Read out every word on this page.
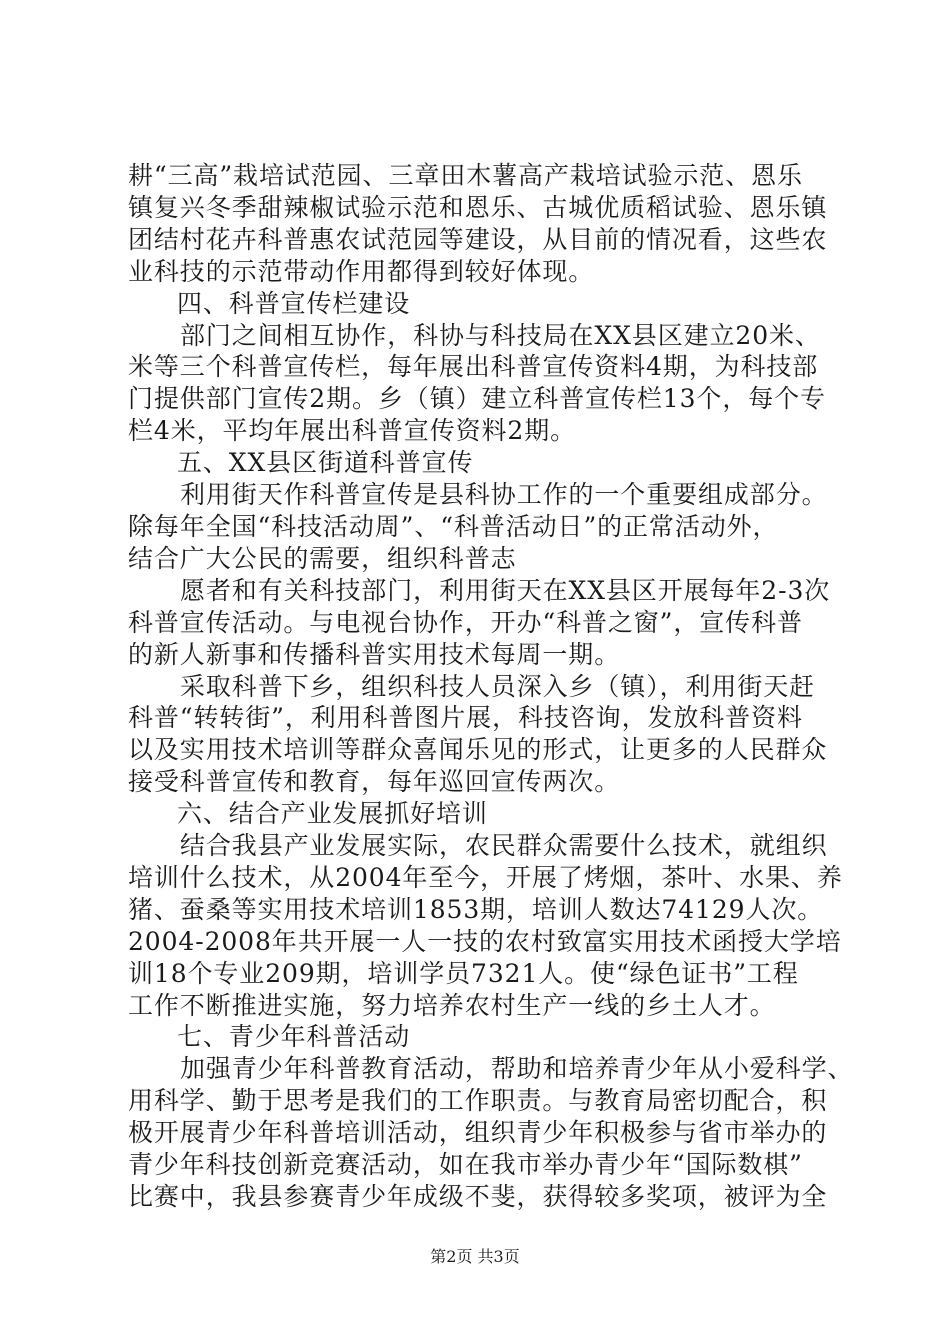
耕“三高”栽培试范园、三章田木薯高产栽培试验示范、恩乐
镇复兴冬季甜辣椒试验示范和恩乐、古城优质稻试验、恩乐镇
团结村花卉科普惠农试范园等建设，从目前的情况看，这些农
业科技的示范带动作用都得到较好体现。
四、科普宣传栏建设
部门之间相互协作，科协与科技局在XX县区建立20米、
米等三个科普宣传栏，每年展出科普宣传资料4期，为科技部
门提供部门宣传2期。乡（镇）建立科普宣传栏13个，每个专
栏4米，平均年展出科普宣传资料2期。
五、XX县区街道科普宣传
利用街天作科普宣传是县科协工作的一个重要组成部分。
除每年全国“科技活动周”、“科普活动日”的正常活动外，
结合广大公民的需要，组织科普志
愿者和有关科技部门，利用街天在XX县区开展每年2-3次
科普宣传活动。与电视台协作，开办“科普之窗”，宣传科普
的新人新事和传播科普实用技术每周一期。
采取科普下乡，组织科技人员深入乡（镇），利用街天赶
科普“转转街”，利用科普图片展，科技咨询，发放科普资料
以及实用技术培训等群众喜闻乐见的形式，让更多的人民群众
接受科普宣传和教育，每年巡回宣传两次。
六、结合产业发展抓好培训
结合我县产业发展实际，农民群众需要什么技术，就组织
培训什么技术，从2004年至今，开展了烤烟，茶叶、水果、养
猪、蚕桑等实用技术培训1853期，培训人数达74129人次。
2004-2008年共开展一人一技的农村致富实用技术函授大学培
训18个专业209期，培训学员7321人。使“绿色证书”工程
工作不断推进实施，努力培养农村生产一线的乡土人才。
七、青少年科普活动
加强青少年科普教育活动，帮助和培养青少年从小爱科学、
用科学、勤于思考是我们的工作职责。与教育局密切配合，积
极开展青少年科普培训活动，组织青少年积极参与省市举办的
青少年科技创新竞赛活动，如在我市举办青少年“国际数棋”
比赛中，我县参赛青少年成级不斐，获得较多奖项，被评为全
第2页 共3页
